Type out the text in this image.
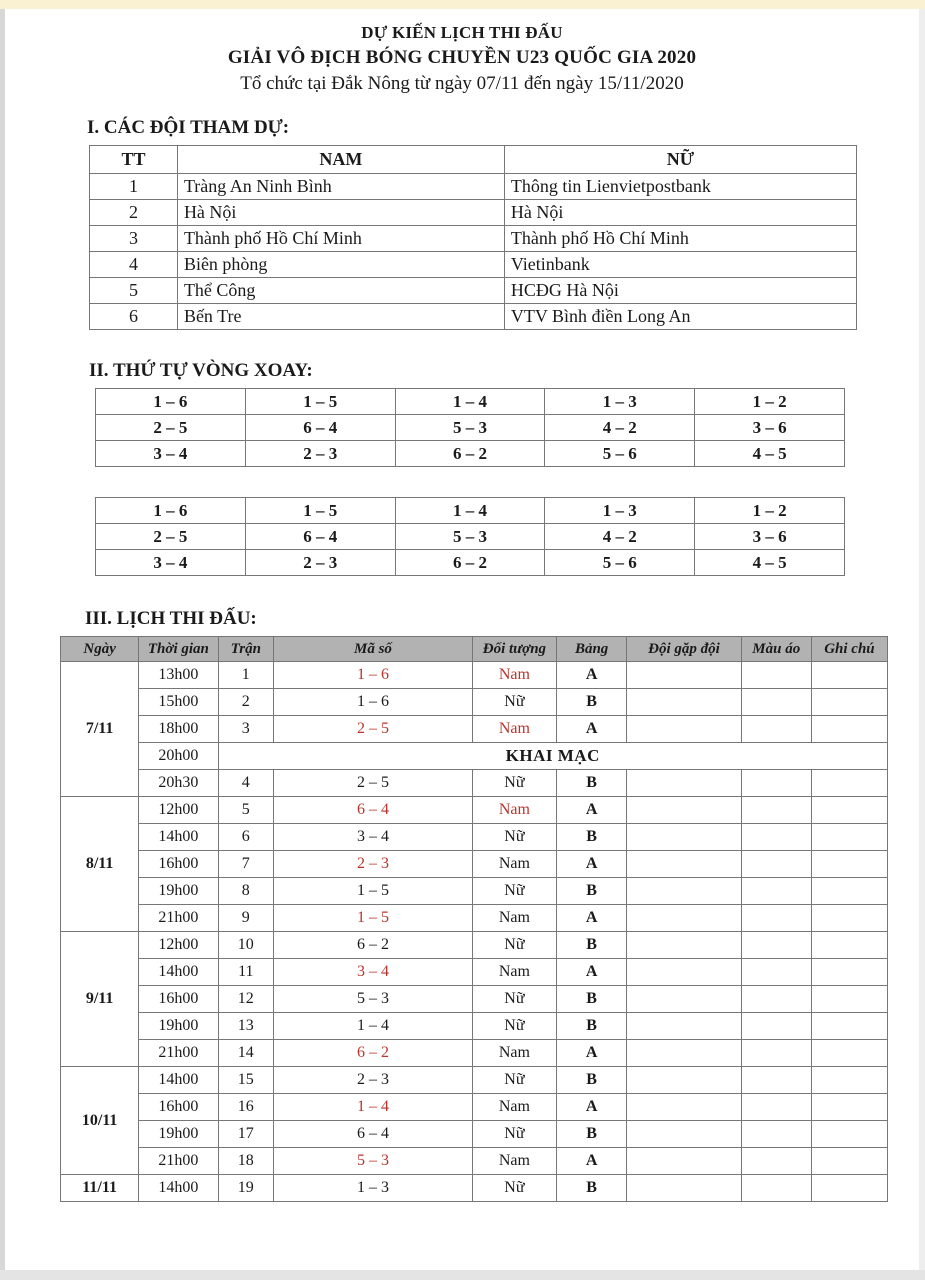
DỰ KIẾN LỊCH THI ĐẤU
GIẢI VÔ ĐỊCH BÓNG CHUYỀN U23 QUỐC GIA 2020
Tổ chức tại Đắk Nông từ ngày 07/11 đến ngày 15/11/2020
I. CÁC ĐỘI THAM DỰ:
TT	NAM	NỮ
1	Tràng An Ninh Bình	Thông tin Lienvietpostbank
2	Hà Nội	Hà Nội
3	Thành phố Hồ Chí Minh	Thành phố Hồ Chí Minh
4	Biên phòng	Vietinbank
5	Thể Công	HCĐG Hà Nội
6	Bến Tre	VTV Bình điền Long An
II. THỨ TỰ VÒNG XOAY:
1 – 6	1 – 5	1 – 4	1 – 3	1 – 2
2 – 5	6 – 4	5 – 3	4 – 2	3 – 6
3 – 4	2 – 3	6 – 2	5 – 6	4 – 5
1 – 6	1 – 5	1 – 4	1 – 3	1 – 2
2 – 5	6 – 4	5 – 3	4 – 2	3 – 6
3 – 4	2 – 3	6 – 2	5 – 6	4 – 5
III. LỊCH THI ĐẤU:
Ngày	Thời gian	Trận	Mã số	Đối tượng	Bảng	Đội gặp đội	Màu áo	Ghi chú
7/11	13h00	1	1 – 6	Nam	A			
	15h00	2	1 – 6	Nữ	B			
	18h00	3	2 – 5	Nam	A			
	20h00	KHAI MẠC						
	20h30	4	2 – 5	Nữ	B			
8/11	12h00	5	6 – 4	Nam	A			
	14h00	6	3 – 4	Nữ	B			
	16h00	7	2 – 3	Nam	A			
	19h00	8	1 – 5	Nữ	B			
	21h00	9	1 – 5	Nam	A			
9/11	12h00	10	6 – 2	Nữ	B			
	14h00	11	3 – 4	Nam	A			
	16h00	12	5 – 3	Nữ	B			
	19h00	13	1 – 4	Nữ	B			
	21h00	14	6 – 2	Nam	A			
10/11	14h00	15	2 – 3	Nữ	B			
	16h00	16	1 – 4	Nam	A			
	19h00	17	6 – 4	Nữ	B			
	21h00	18	5 – 3	Nam	A			
11/11	14h00	19	1 – 3	Nữ	B			
